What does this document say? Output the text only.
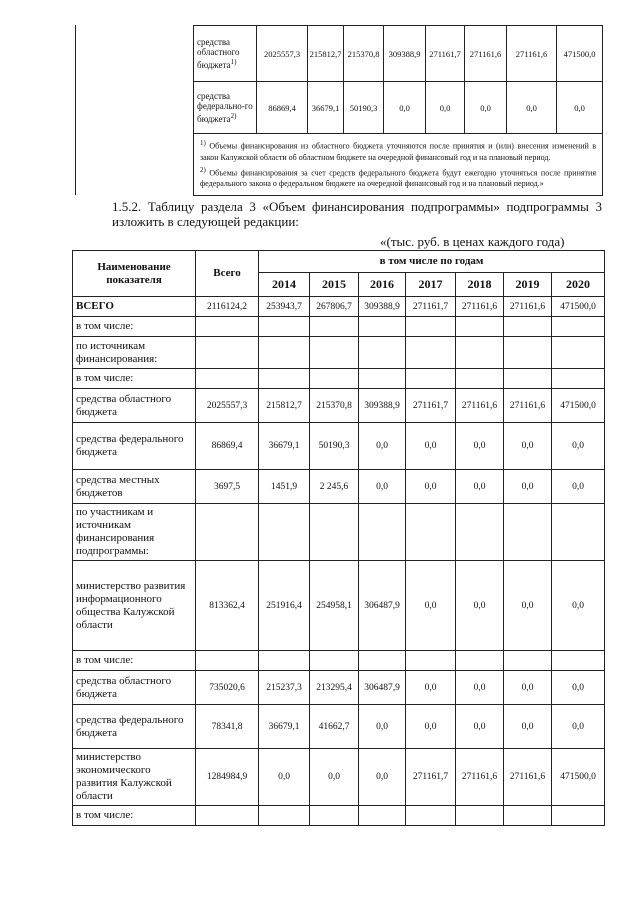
средства областного бюджета$^{1)}$	2025557,3	215812,7	215370,8	309388,9	271161,7	271161,6	271161,6	471500,0
средства федерально-го бюджета$^{2)}$	86869,4	36679,1	50190,3	0,0	0,0	0,0	0,0	0,0

$^{1)}$ Объемы финансирования из областного бюджета уточняются после принятия и (или) внесения изменений в закон Калужской области об областном бюджете на очередной финансовый год и на плановый период.

$^{2)}$ Объемы финансирования за счет средств федерального бюджета будут ежегодно уточняться после принятия федерального закона о федеральном бюджете на очередной финансовый год и на плановый период.»								

1.5.2. Таблицу раздела 3 «Объем финансирования подпрограммы» подпрограммы 3 изложить в следующей редакции:
«(тыс. руб. в ценах каждого года)
Наименование показателя	Всего	в том числе по годам						
		2014	2015	2016	2017	2018	2019	2020
ВСЕГО	2116124,2	253943,7	267806,7	309388,9	271161,7	271161,6	271161,6	471500,0
в том числе:								
по источникам финансирования:								
в том числе:								
средства областного бюджета	2025557,3	215812,7	215370,8	309388,9	271161,7	271161,6	271161,6	471500,0
средства федерального бюджета	86869,4	36679,1	50190,3	0,0	0,0	0,0	0,0	0,0
средства местных бюджетов	3697,5	1451,9	2 245,6	0,0	0,0	0,0	0,0	0,0
по участникам и источникам финансирования подпрограммы:								
министерство развития информационного общества Калужской области	813362,4	251916,4	254958,1	306487,9	0,0	0,0	0,0	0,0
в том числе:								
средства областного бюджета	735020,6	215237,3	213295,4	306487,9	0,0	0,0	0,0	0,0
средства федерального бюджета	78341,8	36679,1	41662,7	0,0	0,0	0,0	0,0	0,0
министерство экономического развития Калужской области	1284984,9	0,0	0,0	0,0	271161,7	271161,6	271161,6	471500,0
в том числе:								
